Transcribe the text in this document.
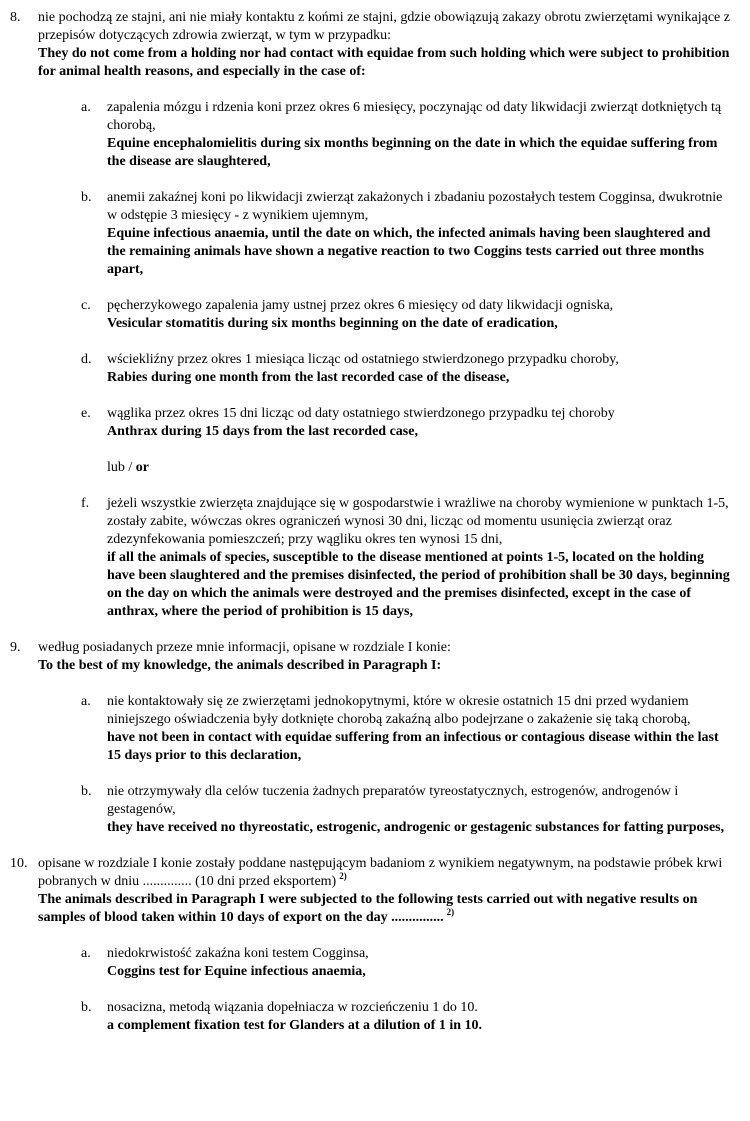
8.	nie pochodzą ze stajni, ani nie miały kontaktu z końmi ze stajni, gdzie obowiązują zakazy obrotu zwierzętami wynikające z przepisów dotyczących zdrowia zwierząt, w tym w przypadku:

They do not come from a holding nor had contact with equidae from such holding which were subject to prohibition for animal health reasons, and especially in the case of:

a.	zapalenia mózgu i rdzenia koni przez okres 6 miesięcy, poczynając od daty likwidacji zwierząt dotkniętych tą chorobą,

Equine encephalomielitis during six months beginning on the date in which the equidae suffering from the disease are slaughtered,

b.	anemii zakaźnej koni po likwidacji zwierząt zakażonych i zbadaniu pozostałych testem Cogginsa, dwukrotnie w odstępie 3 miesięcy - z wynikiem ujemnym,

Equine infectious anaemia, until the date on which, the infected animals having been slaughtered and the remaining animals have shown a negative reaction to two Coggins tests carried out three months apart,

c.	pęcherzykowego zapalenia jamy ustnej przez okres 6 miesięcy od daty likwidacji ogniska,

Vesicular stomatitis during six months beginning on the date of eradication,

d.	wściekliźny przez okres 1 miesiąca licząc od ostatniego stwierdzonego przypadku choroby,

Rabies during one month from the last recorded case of the disease,

e.	wąglika przez okres 15 dni licząc od daty ostatniego stwierdzonego przypadku tej choroby

Anthrax during 15 days from the last recorded case,

lub / or

f.	jeżeli wszystkie zwierzęta znajdujące się w gospodarstwie i wrażliwe na choroby wymienione w punktach 1-5, zostały zabite, wówczas okres ograniczeń wynosi 30 dni, licząc od momentu usunięcia zwierząt oraz zdezynfekowania pomieszczeń; przy wągliku okres ten wynosi 15 dni,

if all the animals of species, susceptible to the disease mentioned at points 1-5, located on the holding have been slaughtered and the premises disinfected, the period of prohibition shall be 30 days, beginning on the day on which the animals were destroyed and the premises disinfected, except in the case of anthrax, where the period of prohibition is 15 days,

9.	według posiadanych przeze mnie informacji, opisane w rozdziale I konie:

To the best of my knowledge, the animals described in Paragraph I:

a.	nie kontaktowały się ze zwierzętami jednokopytnymi, które w okresie ostatnich 15 dni przed wydaniem niniejszego oświadczenia były dotknięte chorobą zakaźną albo podejrzane o zakażenie się taką chorobą,

have not been in contact with equidae suffering from an infectious or contagious disease within the last 15 days prior to this declaration,

b.	nie otrzymywały dla celów tuczenia żadnych preparatów tyreostatycznych, estrogenów, androgenów i gestagenów,

they have received no thyreostatic, estrogenic, androgenic or gestagenic substances for fatting purposes,

10. opisane w rozdziale I konie zostały poddane następującym badaniom z wynikiem negatywnym, na podstawie próbek krwi pobranych w dniu .............. (10 dni przed eksportem) $^{2)}$

The animals described in Paragraph I were subjected to the following tests carried out with negative results on samples of blood taken within 10 days of export on the day ............... $^{2)}$

a.	niedokrwistość zakaźna koni testem Cogginsa,

Coggins test for Equine infectious anaemia,

b.	nosacizna, metodą wiązania dopełniacza w rozcieńczeniu 1 do 10.

a complement fixation test for Glanders at a dilution of 1 in 10.
